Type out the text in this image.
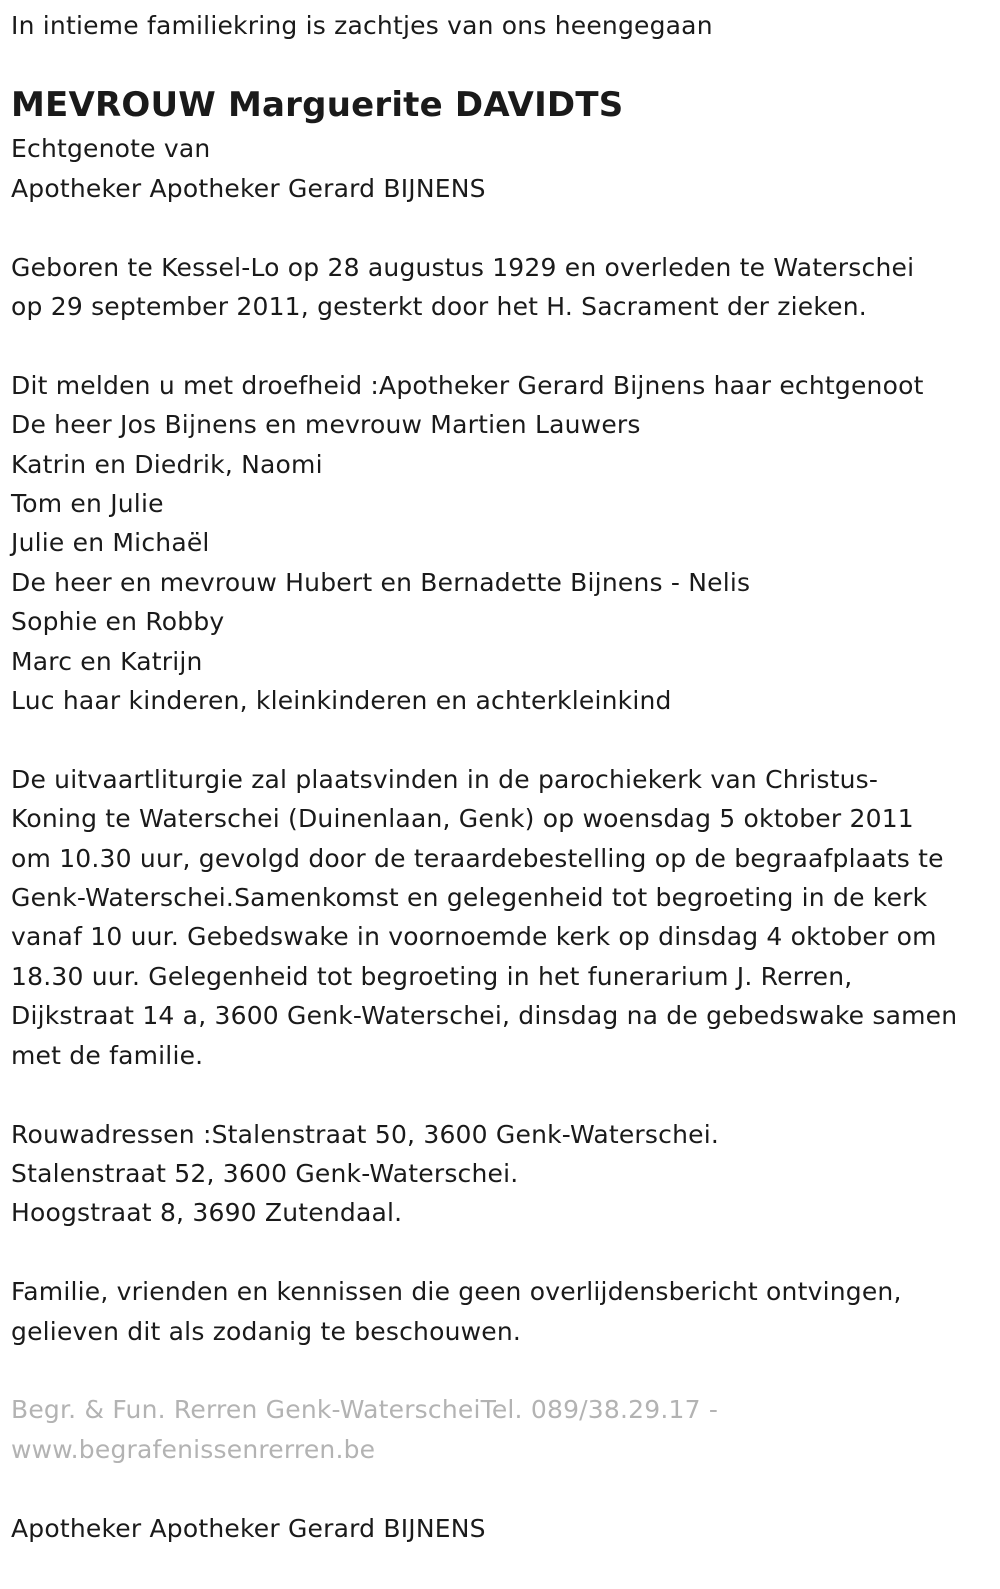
In intieme familiekring is zachtjes van ons heengegaan

MEVROUW Marguerite DAVIDTS

Echtgenote van

Apotheker Apotheker Gerard BIJNENS

Geboren te Kessel-Lo op 28 augustus 1929 en overleden te Waterschei

op 29 september 2011, gesterkt door het H. Sacrament der zieken.

Dit melden u met droefheid :Apotheker Gerard Bijnens haar echtgenoot

De heer Jos Bijnens en mevrouw Martien Lauwers

Katrin en Diedrik, Naomi

Tom en Julie

Julie en Michaël

De heer en mevrouw Hubert en Bernadette Bijnens - Nelis

Sophie en Robby

Marc en Katrijn

Luc haar kinderen, kleinkinderen en achterkleinkind

De uitvaartliturgie zal plaatsvinden in de parochiekerk van Christus-

Koning te Waterschei (Duinenlaan, Genk) op woensdag 5 oktober 2011

om 10.30 uur, gevolgd door de teraardebestelling op de begraafplaats te

Genk-Waterschei.Samenkomst en gelegenheid tot begroeting in de kerk

vanaf 10 uur. Gebedswake in voornoemde kerk op dinsdag 4 oktober om

18.30 uur. Gelegenheid tot begroeting in het funerarium J. Rerren,

Dijkstraat 14 a, 3600 Genk-Waterschei, dinsdag na de gebedswake samen

met de familie.

Rouwadressen :Stalenstraat 50, 3600 Genk-Waterschei.

Stalenstraat 52, 3600 Genk-Waterschei.

Hoogstraat 8, 3690 Zutendaal.

Familie, vrienden en kennissen die geen overlijdensbericht ontvingen,

gelieven dit als zodanig te beschouwen.

Begr. & Fun. Rerren Genk-WaterscheiTel. 089/38.29.17 -

www.begrafenissenrerren.be

Apotheker Apotheker Gerard BIJNENS
